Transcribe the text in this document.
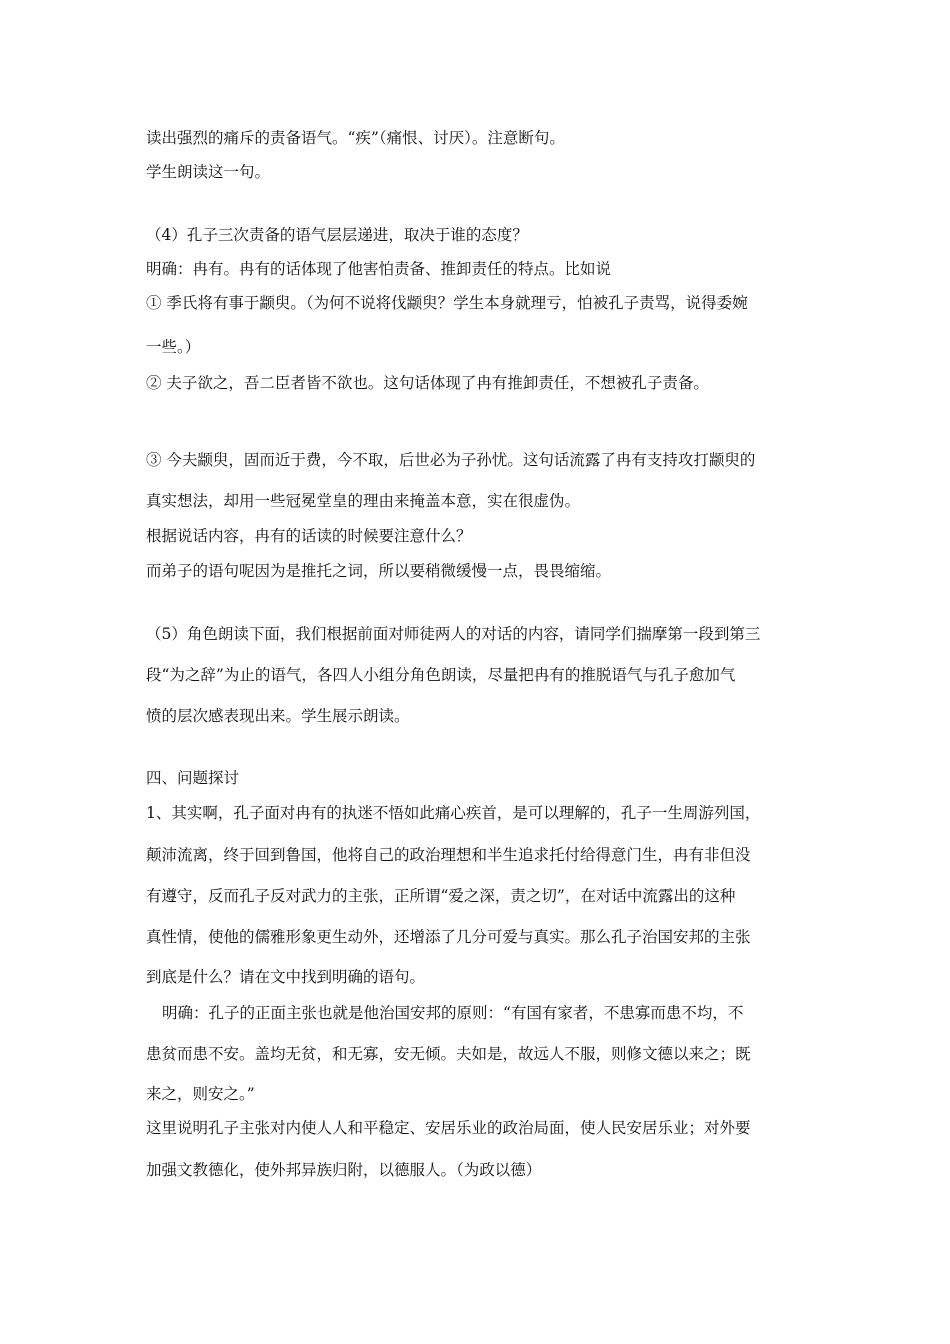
读出强烈的痛斥的责备语气。“疾”（痛恨、讨厌）。注意断句。

学生朗读这一句。

（4）孔子三次责备的语气层层递进，取决于谁的态度？

明确：冉有。冉有的话体现了他害怕责备、推卸责任的特点。比如说

① 季氏将有事于颛臾。（为何不说将伐颛臾？学生本身就理亏，怕被孔子责骂，说得委婉

一些。）

② 夫子欲之，吾二臣者皆不欲也。这句话体现了冉有推卸责任，不想被孔子责备。

③ 今夫颛臾，固而近于费，今不取，后世必为子孙忧。这句话流露了冉有支持攻打颛臾的

真实想法，却用一些冠冕堂皇的理由来掩盖本意，实在很虚伪。

根据说话内容，冉有的话读的时候要注意什么？

而弟子的语句呢因为是推托之词，所以要稍微缓慢一点，畏畏缩缩。

（5）角色朗读下面，我们根据前面对师徒两人的对话的内容，请同学们揣摩第一段到第三

段“为之辞”为止的语气，各四人小组分角色朗读，尽量把冉有的推脱语气与孔子愈加气

愤的层次感表现出来。学生展示朗读。

四、问题探讨

1、其实啊，孔子面对冉有的执迷不悟如此痛心疾首，是可以理解的，孔子一生周游列国，

颠沛流离，终于回到鲁国，他将自己的政治理想和半生追求托付给得意门生，冉有非但没

有遵守，反而孔子反对武力的主张，正所谓“爱之深，责之切”，在对话中流露出的这种

真性情，使他的儒雅形象更生动外，还增添了几分可爱与真实。那么孔子治国安邦的主张

到底是什么？请在文中找到明确的语句。

明确：孔子的正面主张也就是他治国安邦的原则：“有国有家者，不患寡而患不均，不

患贫而患不安。盖均无贫，和无寡，安无倾。夫如是，故远人不服，则修文德以来之；既

来之，则安之。”

这里说明孔子主张对内使人人和平稳定、安居乐业的政治局面，使人民安居乐业；对外要

加强文教德化，使外邦异族归附，以德服人。（为政以德）
